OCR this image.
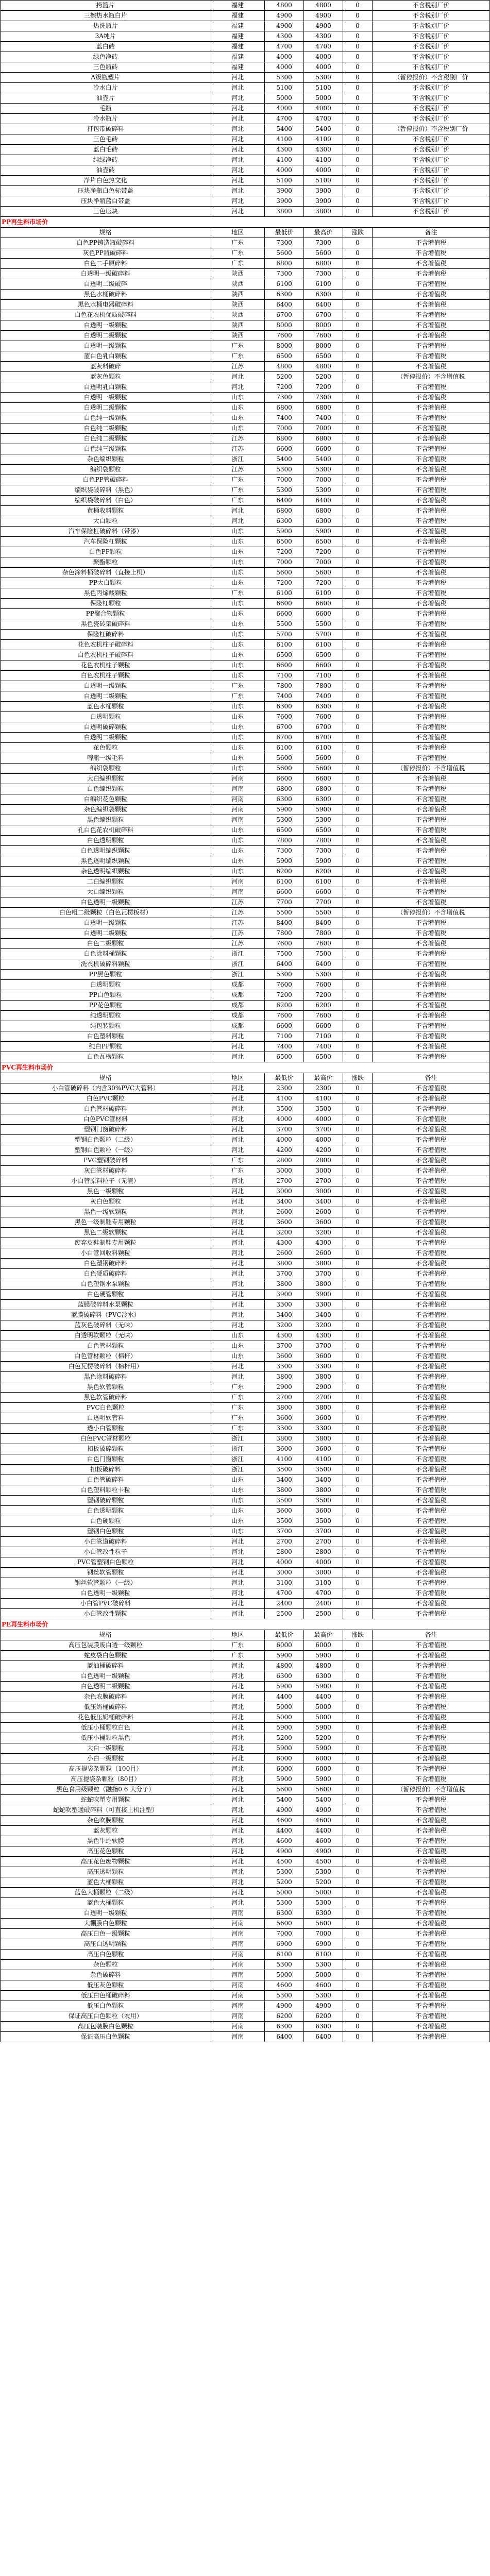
挎篮片	福建	4800	4800	0	不含税别厂价
三擦热水瓶白片	福建	4900	4900	0	不含税别厂价
热洗瓶片	福建	4900	4900	0	不含税别厂价
3A纯片	福建	4300	4300	0	不含税别厂价
蓝白砖	福建	4700	4700	0	不含税别厂价
绿色净砖	福建	4000	4000	0	不含税别厂价
三色瓶砖	福建	4000	4000	0	不含税别厂价
A级瓶塑片	河北	5300	5300	0	（暂停报价）不含税别厂价
冷水白片	河北	5100	5100	0	不含税别厂价
油壶片	河北	5000	5000	0	不含税别厂价
毛瓶	河北	4000	4000	0	不含税别厂价
冷水瓶片	河北	4700	4700	0	不含税别厂价
打包带破碎料	河北	5400	5400	0	（暂停报价）不含税别厂价
三色毛砖	河北	4100	4100	0	不含税别厂价
蓝白毛砖	河北	4300	4300	0	不含税别厂价
纯绿净砖	河北	4100	4100	0	不含税别厂价
油壶砖	河北	4000	4000	0	不含税别厂价
净片白色热文化	河北	5100	5100	0	不含税别厂价
压块净瓶白色标带盖	河北	3900	3900	0	不含税别厂价
压块净瓶蓝白带盖	河北	3900	3900	0	不含税别厂价
三色压块	河北	3800	3800	0	不含税别厂价
PP再生料市场价
规格	地区	最低价	最高价	涨跌	备注
白色PP铸造瓶破碎料	广东	7300	7300	0	不含增值税
灰色PP瓶破碎料	广东	5600	5600	0	不含增值税
白色二手原碎料	广东	6800	6800	0	不含增值税
白透明一级破碎料	陕西	7300	7300	0	不含增值税
白透明二级破碎	陕西	6100	6100	0	不含增值税
黑色水桶破碎料	陕西	6300	6300	0	不含增值税
黑色水桶电器破碎料	陕西	6400	6400	0	不含增值税
白色花农机优质破碎料	陕西	6700	6700	0	不含增值税
白透明一级颗粒	陕西	8000	8000	0	不含增值税
白透明二级颗粒	陕西	7600	7600	0	不含增值税
白透明一级颗粒	广东	8000	8000	0	不含增值税
蓝白色乳白颗粒	广东	6500	6500	0	不含增值税
蓝灰料破碎	江苏	4800	4800	0	不含增值税
蓝灰色颗粒	河北	5200	5200	0	（暂停报价）不含增值税
白透明乳白颗粒	河北	7200	7200	0	不含增值税
白透明一级颗粒	山东	7300	7300	0	不含增值税
白透明二级颗粒	山东	6800	6800	0	不含增值税
白色纯一级颗粒	山东	7400	7400	0	不含增值税
白色纯二级颗粒	山东	7000	7000	0	不含增值税
白色纯二级颗粒	江苏	6800	6800	0	不含增值税
白色纯三级颗粒	江苏	6600	6600	0	不含增值税
杂色编织颗粒	浙江	5400	5400	0	不含增值税
编织袋颗粒	江苏	5300	5300	0	不含增值税
白色PP管破碎料	广东	7000	7000	0	不含增值税
编织袋破碎料（黑色）	广东	5300	5300	0	不含增值税
编织袋破碎料（白色）	广东	6400	6400	0	不含增值税
黄桶收料颗粒	河北	6800	6800	0	不含增值税
大白颗粒	河北	6300	6300	0	不含增值税
汽车保险杠破碎料（带漆）	山东	5900	5900	0	不含增值税
汽车保险杠颗粒	山东	6500	6500	0	不含增值税
白色PP颗粒	山东	7200	7200	0	不含增值税
聚酯颗粒	山东	7000	7000	0	不含增值税
杂色涂料桶破碎料（直接上机）	山东	5600	5600	0	不含增值税
PP大白颗粒	山东	7200	7200	0	不含增值税
黑色丙烯酸颗粒	广东	6100	6100	0	不含增值税
保险杠颗粒	山东	6600	6600	0	不含增值税
PP聚合物颗粒	山东	6600	6600	0	不含增值税
黑色瓷砖架破碎料	山东	5500	5500	0	不含增值税
保险杠破碎料	山东	5700	5700	0	不含增值税
花色农机柱子破碎料	山东	6100	6100	0	不含增值税
白色农机柱子破碎料	山东	6500	6500	0	不含增值税
花色农机柱子颗粒	山东	6600	6600	0	不含增值税
白色农机柱子颗粒	山东	7100	7100	0	不含增值税
白透明一级颗粒	广东	7800	7800	0	不含增值税
白透明二级颗粒	广东	7400	7400	0	不含增值税
蓝色水桶颗粒	山东	6300	6300	0	不含增值税
白透明颗粒	山东	7600	7600	0	不含增值税
白透明破碎颗粒	山东	6700	6700	0	不含增值税
白透明二级颗粒	山东	6700	6700	0	不含增值税
花色颗粒	山东	6100	6100	0	不含增值税
啤瓶一级毛料	山东	5600	5600	0	不含增值税
编织袋颗粒	山东	5600	5600	0	（暂停报价）不含增值税
大白编织颗粒	河南	6600	6600	0	不含增值税
白色编织颗粒	河南	6800	6800	0	不含增值税
白编织花色颗粒	河南	6300	6300	0	不含增值税
杂色编织袋颗粒	河南	5900	5900	0	不含增值税
黑色编织颗粒	河南	5300	5300	0	不含增值税
孔白色花农机破碎料	山东	6500	6500	0	不含增值税
白色透明颗粒	山东	7800	7800	0	不含增值税
白色透明编织颗粒	山东	7300	7300	0	不含增值税
黑色透明编织颗粒	山东	5900	5900	0	不含增值税
杂色透明编织颗粒	山东	6200	6200	0	不含增值税
二白编织颗粒	河南	6100	6100	0	不含增值税
大白编织颗粒	河南	6600	6600	0	不含增值税
白色透明一级颗粒	江苏	7700	7700	0	不含增值税
白色粗二级颗粒（白色瓦楞板材）	江苏	5500	5500	0	（暂停报价）不含增值税
白透明一级颗粒	江苏	8400	8400	0	不含增值税
白透明二级颗粒	江苏	7800	7800	0	不含增值税
白色二级颗粒	江苏	7600	7600	0	不含增值税
白色涂料桶颗粒	浙江	7500	7500	0	不含增值税
洗衣机破碎料颗粒	浙江	6400	6400	0	不含增值税
PP黑色颗粒	浙江	5300	5300	0	不含增值税
白透明颗粒	成都	7600	7600	0	不含增值税
PP白色颗粒	成都	7200	7200	0	不含增值税
PP花色颗粒	成都	6200	6200	0	不含增值税
纯透明颗粒	成都	7600	7600	0	不含增值税
纯包装颗粒	成都	6600	6600	0	不含增值税
白色塑料颗粒	河北	7100	7100	0	不含增值税
纯白PP颗粒	河北	7400	7400	0	不含增值税
白色瓦楞颗粒	河北	6500	6500	0	不含增值税
PVC再生料市场价
规格	地区	最低价	最高价	涨跌	备注
小白管破碎料（内含30%PVC大管料）	河北	2300	2300	0	不含增值税
白色PVC颗粒	河北	4100	4100	0	不含增值税
白色管材破碎料	河北	3500	3500	0	不含增值税
白色PVC管材料	河北	4000	4000	0	不含增值税
塑钢门窗破碎料	河北	3700	3700	0	不含增值税
塑钢白色颗粒（二级）	河北	4000	4000	0	不含增值税
塑钢白色颗粒（一级）	河北	4200	4200	0	不含增值税
PVC塑钢破碎料	广东	2800	2800	0	不含增值税
灰白管材破碎料	广东	3000	3000	0	不含增值税
小白管原料粒子（无渣）	河北	2700	2700	0	不含增值税
黑色一级颗粒	河北	3000	3000	0	不含增值税
灰白色颗粒	河北	3400	3400	0	不含增值税
黑色一级软颗粒	河北	2600	2600	0	不含增值税
黑色一级制鞋专用颗粒	河北	3600	3600	0	不含增值税
黑色二级软颗粒	河北	3200	3200	0	不含增值税
废弃皮鞋制鞋专用颗粒	河北	4300	4300	0	不含增值税
小白管回收料颗粒	河北	2600	2600	0	不含增值税
白色塑钢破碎料	河北	3800	3800	0	不含增值税
白色硬质破碎料	河北	3700	3700	0	不含增值税
白色塑钢水泵颗粒	河北	3800	3800	0	不含增值税
白色硬管颗粒	河北	3900	3900	0	不含增值税
蓝膜破碎料水泵颗粒	河北	3300	3300	0	不含增值税
蓝膜破碎料（PVC冷水）	河北	3400	3400	0	不含增值税
蓝灰色破碎料（无味）	河北	3200	3200	0	不含增值税
白透明软颗粒（无味）	山东	4300	4300	0	不含增值税
白色管材颗粒	山东	3700	3700	0	不含增值税
白色管材颗粒（棉杆）	山东	3600	3600	0	不含增值税
白色瓦楞破碎料（棉杆用）	河北	3300	3300	0	不含增值税
黑色涂料破碎料	河北	3800	3800	0	不含增值税
黑色软管颗粒	广东	2900	2900	0	不含增值税
黑色软管破碎料	广东	2700	2700	0	不含增值税
PVC白色颗粒	广东	3800	3800	0	不含增值税
白透明软管料	广东	3600	3600	0	不含增值税
透小白管颗粒	广东	3300	3300	0	不含增值税
白色PVC管材颗粒	浙江	3800	3800	0	不含增值税
扣板破碎颗粒	浙江	3600	3600	0	不含增值税
白色门窗颗粒	浙江	4100	4100	0	不含增值税
扣板破碎料	浙江	3500	3500	0	不含增值税
白色管破碎料	山东	3400	3400	0	不含增值税
白色塑料颗粒卡粒	山东	3800	3800	0	不含增值税
塑钢破碎颗粒	山东	3500	3500	0	不含增值税
白色透明颗粒	山东	3600	3600	0	不含增值税
白色硬颗粒	山东	3500	3500	0	不含增值税
塑钢白色颗粒	山东	3700	3700	0	不含增值税
小白管道破碎料	河北	2700	2700	0	不含增值税
小白管改性粒子	河北	2800	2800	0	不含增值税
PVC管塑钢白色颗粒	河北	4000	4000	0	不含增值税
钢丝软管颗粒	河北	3000	3000	0	不含增值税
钢丝软管颗粒（一级）	河北	3100	3100	0	不含增值税
白色透明一级颗粒	河北	4700	4700	0	不含增值税
小白管PVC破碎料	河北	2400	2400	0	不含增值税
小白管改性颗粒	河北	2500	2500	0	不含增值税
PE再生料市场价
规格	地区	最低价	最高价	涨跌	备注
高压包装膜废白透一级颗粒	广东	6000	6000	0	不含增值税
蛇皮袋白色颗粒	广东	5900	5900	0	不含增值税
蓝油桶破碎料	河北	4800	4800	0	不含增值税
白色透明一级颗粒	河北	6300	6300	0	不含增值税
白色透明二级颗粒	河北	5900	5900	0	不含增值税
杂色农膜破碎料	河北	4400	4400	0	不含增值税
低压奶桶破碎料	河北	5000	5000	0	不含增值税
花色低压奶桶破碎料	河北	5000	5000	0	不含增值税
低压小桶颗粒白色	河北	5900	5900	0	不含增值税
低压小桶颗粒黑色	河北	5200	5200	0	不含增值税
大白一级颗粒	河北	5900	5900	0	不含增值税
小白一级颗粒	河北	6000	6000	0	不含增值税
高压提袋杂颗粒（100目）	河北	6000	6000	0	不含增值税
高压提袋杂颗粒（80目）	河北	5900	5900	0	不含增值税
黑色食用级颗粒（融指0.6 大分子）	河北	5600	5600	0	（暂停报价）不含增值税
蛇蛇吹塑专用颗粒	河北	5400	5400	0	不含增值税
蛇蛇吹塑通破碎料（可直接上机注塑）	河北	4900	4900	0	不含增值税
杂色吹膜颗粒	河北	4600	4600	0	不含增值税
蓝灰颗粒	河北	4400	4400	0	不含增值税
黑色牛蛇软膜	河北	4600	4600	0	不含增值税
高压花色颗粒	河北	4900	4900	0	不含增值税
高压花色废物颗粒	河北	4500	4500	0	不含增值税
高压透明颗粒	河北	5300	5300	0	不含增值税
蓝色大桶颗粒	河北	5200	5200	0	不含增值税
蓝色大桶颗粒（二级）	河北	5000	5000	0	不含增值税
蓝色大桶颗粒	河北	5300	5300	0	不含增值税
白透明一级颗粒	河南	6300	6300	0	不含增值税
大棚膜白色颗粒	河南	5600	5600	0	不含增值税
高压白色一级颗粒	河南	7000	7000	0	不含增值税
高压白透明颗粒	河南	6900	6900	0	不含增值税
高压白色颗粒	河南	6100	6100	0	不含增值税
杂色颗粒	河南	5300	5300	0	不含增值税
杂色破碎料	河南	5000	5000	0	不含增值税
低压灰色颗粒	河南	4600	4600	0	不含增值税
低压白色桶破碎料	河南	5300	5300	0	不含增值税
低压白色颗粒	河南	4900	4900	0	不含增值税
保证高压白色颗粒（农用）	河南	6200	6200	0	不含增值税
高压包装膜白色颗粒	河南	6300	6300	0	不含增值税
保证高压白色颗粒	河南	6400	6400	0	不含增值税
